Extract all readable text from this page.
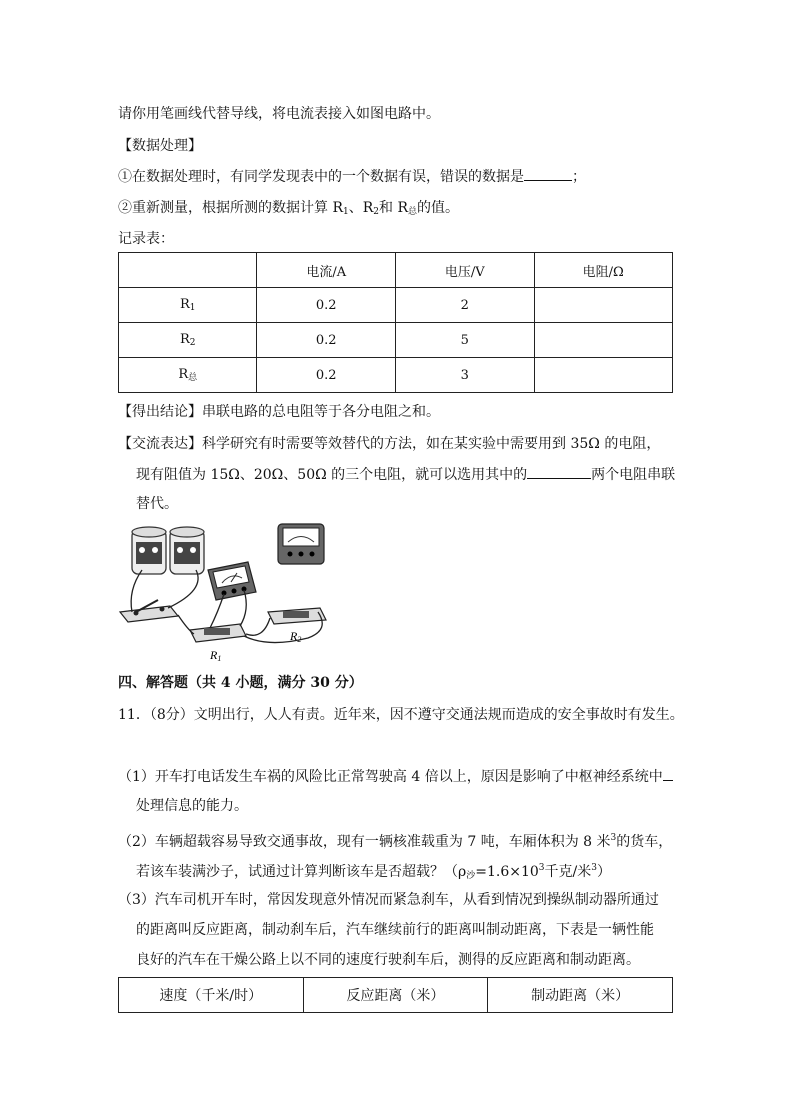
请你用笔画线代替导线，将电流表接入如图电路中。
【数据处理】
①在数据处理时，有同学发现表中的一个数据有误，错误的数据是	；
②重新测量，根据所测的数据计算 $R_1$、$R_2$和 $R_总$的值。
记录表：
	电流/A	电压/V	电阻/Ω
$R_1$	0.2	2	
$R_2$	0.2	5	
$R_总$	0.2	3	
【得出结论】串联电路的总电阻等于各分电阻之和。
【交流表达】科学研究有时需要等效替代的方法，如在某实验中需要用到 35Ω 的电阻，
现有阻值为 15Ω、20Ω、50Ω 的三个电阻，就可以选用其中的	两个电阻串联
替代。
R1
R2
四、解答题（共 4 小题，满分 30 分）
11．（8分）文明出行，人人有责。近年来，因不遵守交通法规而造成的安全事故时有发生。
（1）开车打电话发生车祸的风险比正常驾驶高 4 倍以上，原因是影响了中枢神经系统中
处理信息的能力。
（2）车辆超载容易导致交通事故，现有一辆核准载重为 7 吨，车厢体积为 8 米$^3$的货车，
若该车装满沙子，试通过计算判断该车是否超载？（$\rho_沙=1.6\times 10^3$千克/米$^3$）
（3）汽车司机开车时，常因发现意外情况而紧急刹车，从看到情况到操纵制动器所通过
的距离叫反应距离，制动刹车后，汽车继续前行的距离叫制动距离，下表是一辆性能
良好的汽车在干燥公路上以不同的速度行驶刹车后，测得的反应距离和制动距离。
速度（千米/时）	反应距离（米）	制动距离（米）
